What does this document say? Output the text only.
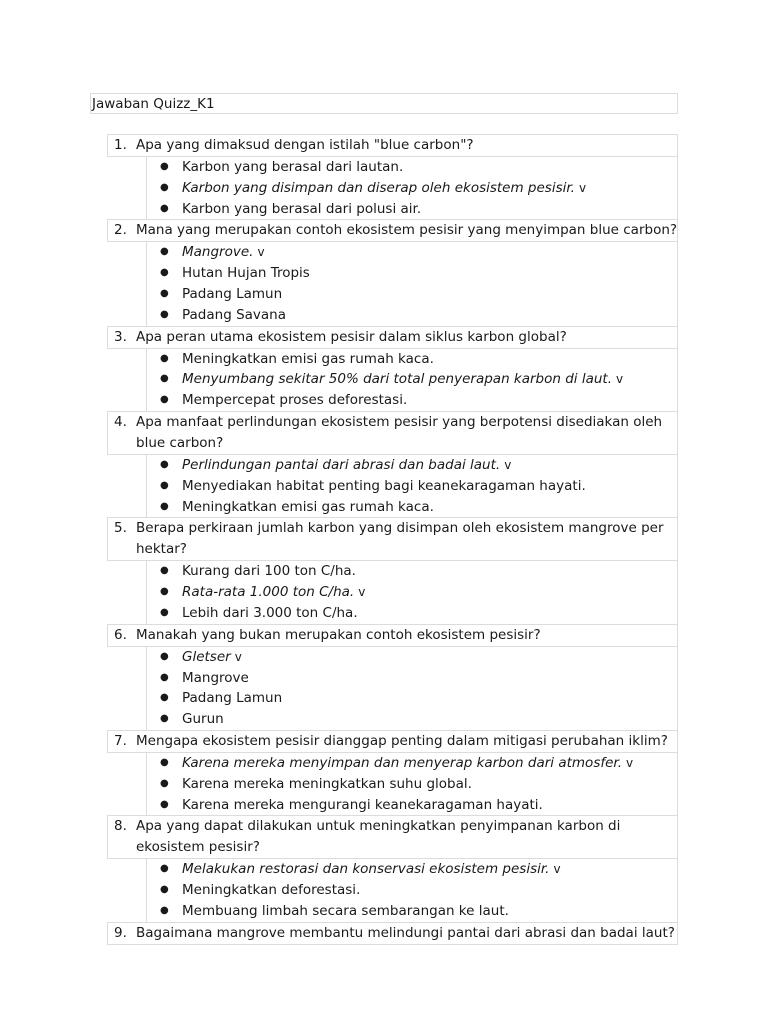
Jawaban Quizz_K1
1. Apa yang dimaksud dengan istilah "blue carbon"?
● Karbon yang berasal dari lautan.
● Karbon yang disimpan dan diserap oleh ekosistem pesisir. v
● Karbon yang berasal dari polusi air.
2. Mana yang merupakan contoh ekosistem pesisir yang menyimpan blue carbon?
● Mangrove. v
● Hutan Hujan Tropis
● Padang Lamun
● Padang Savana
3. Apa peran utama ekosistem pesisir dalam siklus karbon global?
● Meningkatkan emisi gas rumah kaca.
● Menyumbang sekitar 50% dari total penyerapan karbon di laut. v
● Mempercepat proses deforestasi.
4. Apa manfaat perlindungan ekosistem pesisir yang berpotensi disediakan oleh
blue carbon?
● Perlindungan pantai dari abrasi dan badai laut. v
● Menyediakan habitat penting bagi keanekaragaman hayati.
● Meningkatkan emisi gas rumah kaca.
5. Berapa perkiraan jumlah karbon yang disimpan oleh ekosistem mangrove per
hektar?
● Kurang dari 100 ton C/ha.
● Rata-rata 1.000 ton C/ha. v
● Lebih dari 3.000 ton C/ha.
6. Manakah yang bukan merupakan contoh ekosistem pesisir?
● Gletser v
● Mangrove
● Padang Lamun
● Gurun
7. Mengapa ekosistem pesisir dianggap penting dalam mitigasi perubahan iklim?
● Karena mereka menyimpan dan menyerap karbon dari atmosfer. v
● Karena mereka meningkatkan suhu global.
● Karena mereka mengurangi keanekaragaman hayati.
8. Apa yang dapat dilakukan untuk meningkatkan penyimpanan karbon di
ekosistem pesisir?
● Melakukan restorasi dan konservasi ekosistem pesisir. v
● Meningkatkan deforestasi.
● Membuang limbah secara sembarangan ke laut.
9. Bagaimana mangrove membantu melindungi pantai dari abrasi dan badai laut?
